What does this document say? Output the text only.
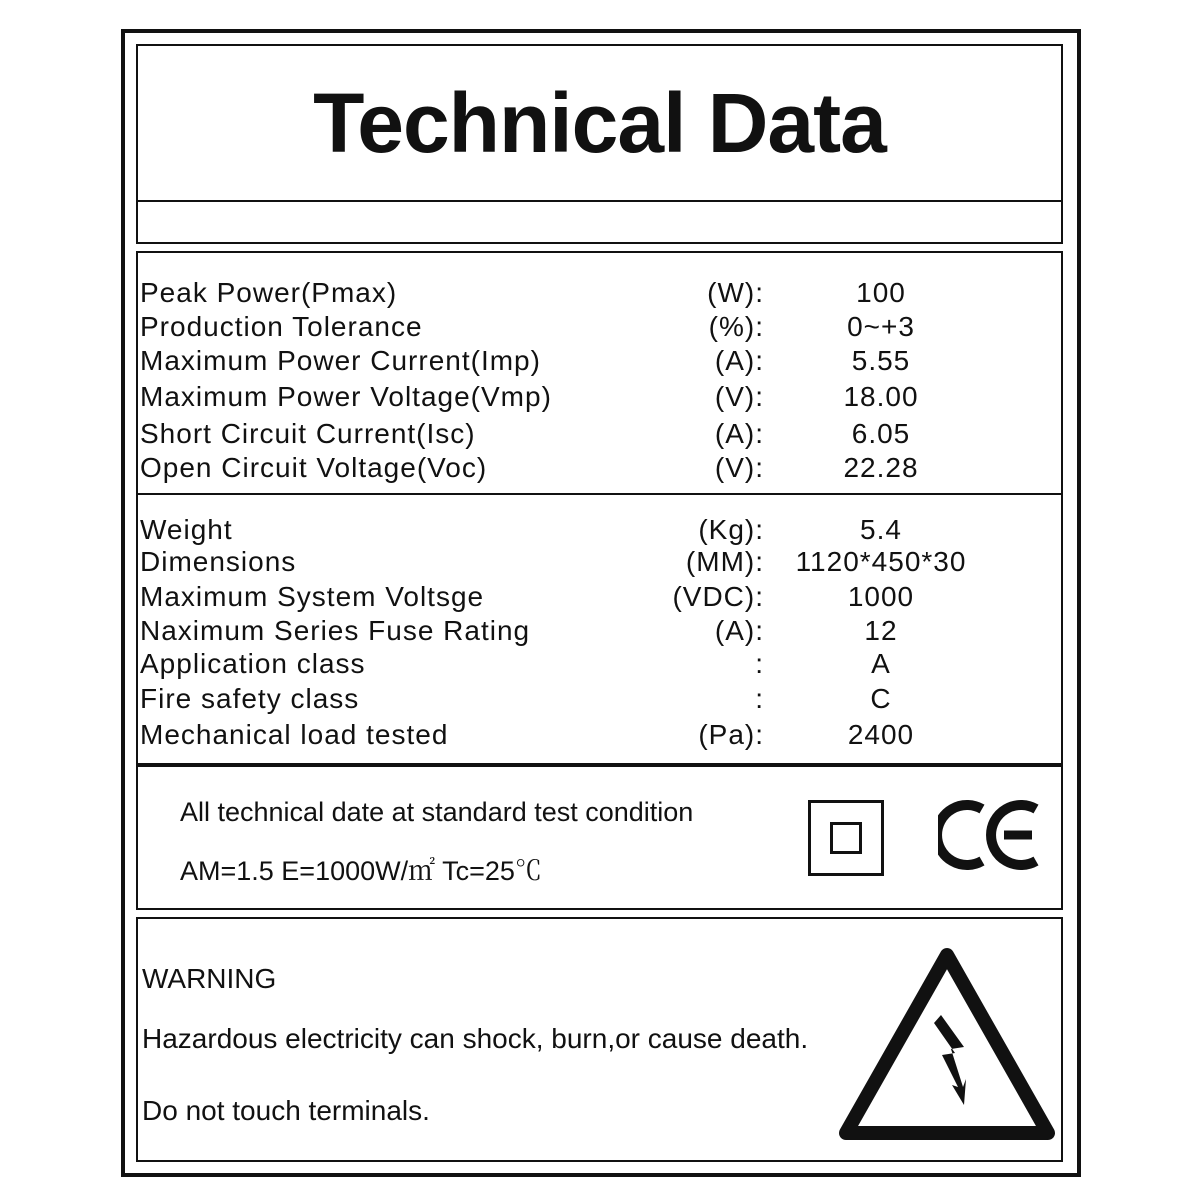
Technical Data
Peak Power(Pmax)	(W):	100
Production Tolerance	(%):	0~+3
Maximum Power Current(Imp)	(A):	5.55
Maximum Power Voltage(Vmp)	(V):	18.00
Short Circuit Current(Isc)	(A):	6.05
Open Circuit Voltage(Voc)	(V):	22.28
Weight	(Kg):	5.4
Dimensions	(MM):	1120*450*30
Maximum System Voltsge	(VDC):	1000
Naximum Series Fuse Rating	(A):	12
Application class	:	A
Fire safety class	:	C
Mechanical load tested	(Pa):	2400
All technical date at standard test condition
AM=1.5 E=1000W/㎡ Tc=25℃
WARNING
Hazardous electricity can shock, burn,or cause death.
Do not touch terminals.
